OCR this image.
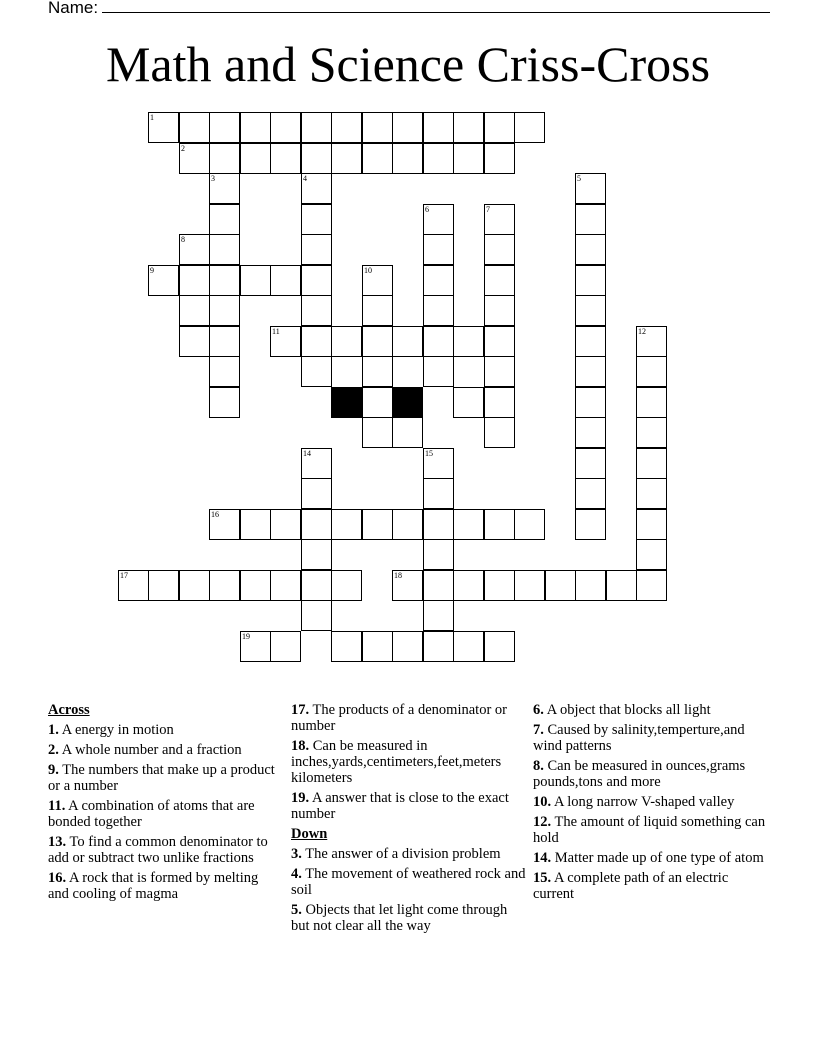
Name:
Math and Science Criss-Cross
1
2
3	4	5
6	7
8
9	10
11	12
13
14	15
16
17	18
19
Across
1. A energy in motion
2. A whole number and a fraction
9. The numbers that make up a product or a number
11. A combination of atoms that are bonded together
13. To find a common denominator to add or subtract two unlike fractions
16. A rock that is formed by melting and cooling of magma
17. The products of a denominator or number
18. Can be measured in inches,yards,centimeters,feet,meters kilometers
19. A answer that is close to the exact number
Down
3. The answer of a division problem
4. The movement of weathered rock and soil
5. Objects that let light come through but not clear all the way
6. A object that blocks all light
7. Caused by salinity,temperture,and wind patterns
8. Can be measured in ounces,grams pounds,tons and more
10. A long narrow V-shaped valley
12. The amount of liquid something can hold
14. Matter made up of one type of atom
15. A complete path of an electric current
